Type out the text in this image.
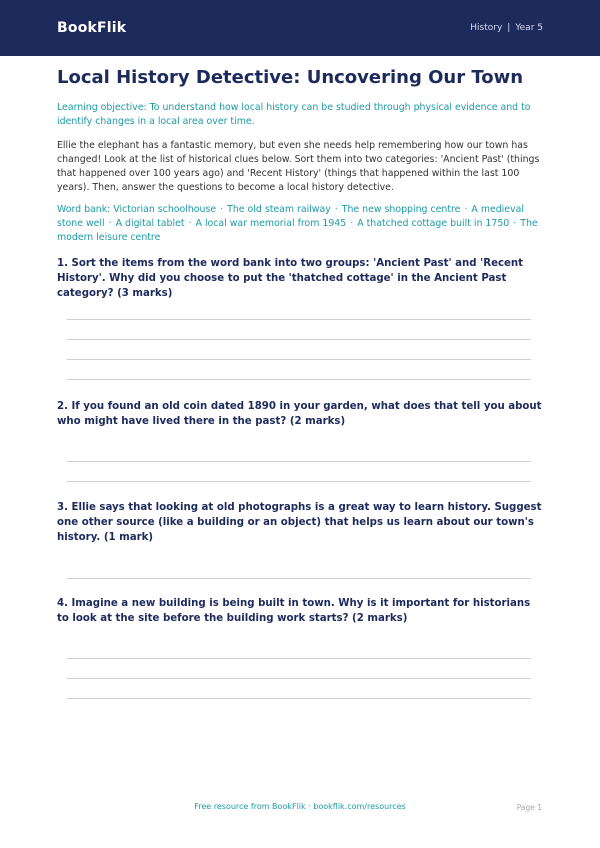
BookFlik	History | Year 5
Local History Detective: Uncovering Our Town
Learning objective: To understand how local history can be studied through physical evidence and to identify changes in a local area over time.
Ellie the elephant has a fantastic memory, but even she needs help remembering how our town has changed! Look at the list of historical clues below. Sort them into two categories: 'Ancient Past' (things that happened over 100 years ago) and 'Recent History' (things that happened within the last 100 years). Then, answer the questions to become a local history detective.
Word bank: Victorian schoolhouse · The old steam railway · The new shopping centre · A medieval stone well · A digital tablet · A local war memorial from 1945 · A thatched cottage built in 1750 · The modern leisure centre
1. Sort the items from the word bank into two groups: 'Ancient Past' and 'Recent History'. Why did you choose to put the 'thatched cottage' in the Ancient Past category? (3 marks)
2. If you found an old coin dated 1890 in your garden, what does that tell you about who might have lived there in the past? (2 marks)
3. Ellie says that looking at old photographs is a great way to learn history. Suggest one other source (like a building or an object) that helps us learn about our town's history. (1 mark)
4. Imagine a new building is being built in town. Why is it important for historians to look at the site before the building work starts? (2 marks)
Free resource from BookFlik · bookflik.com/resources	Page 1
